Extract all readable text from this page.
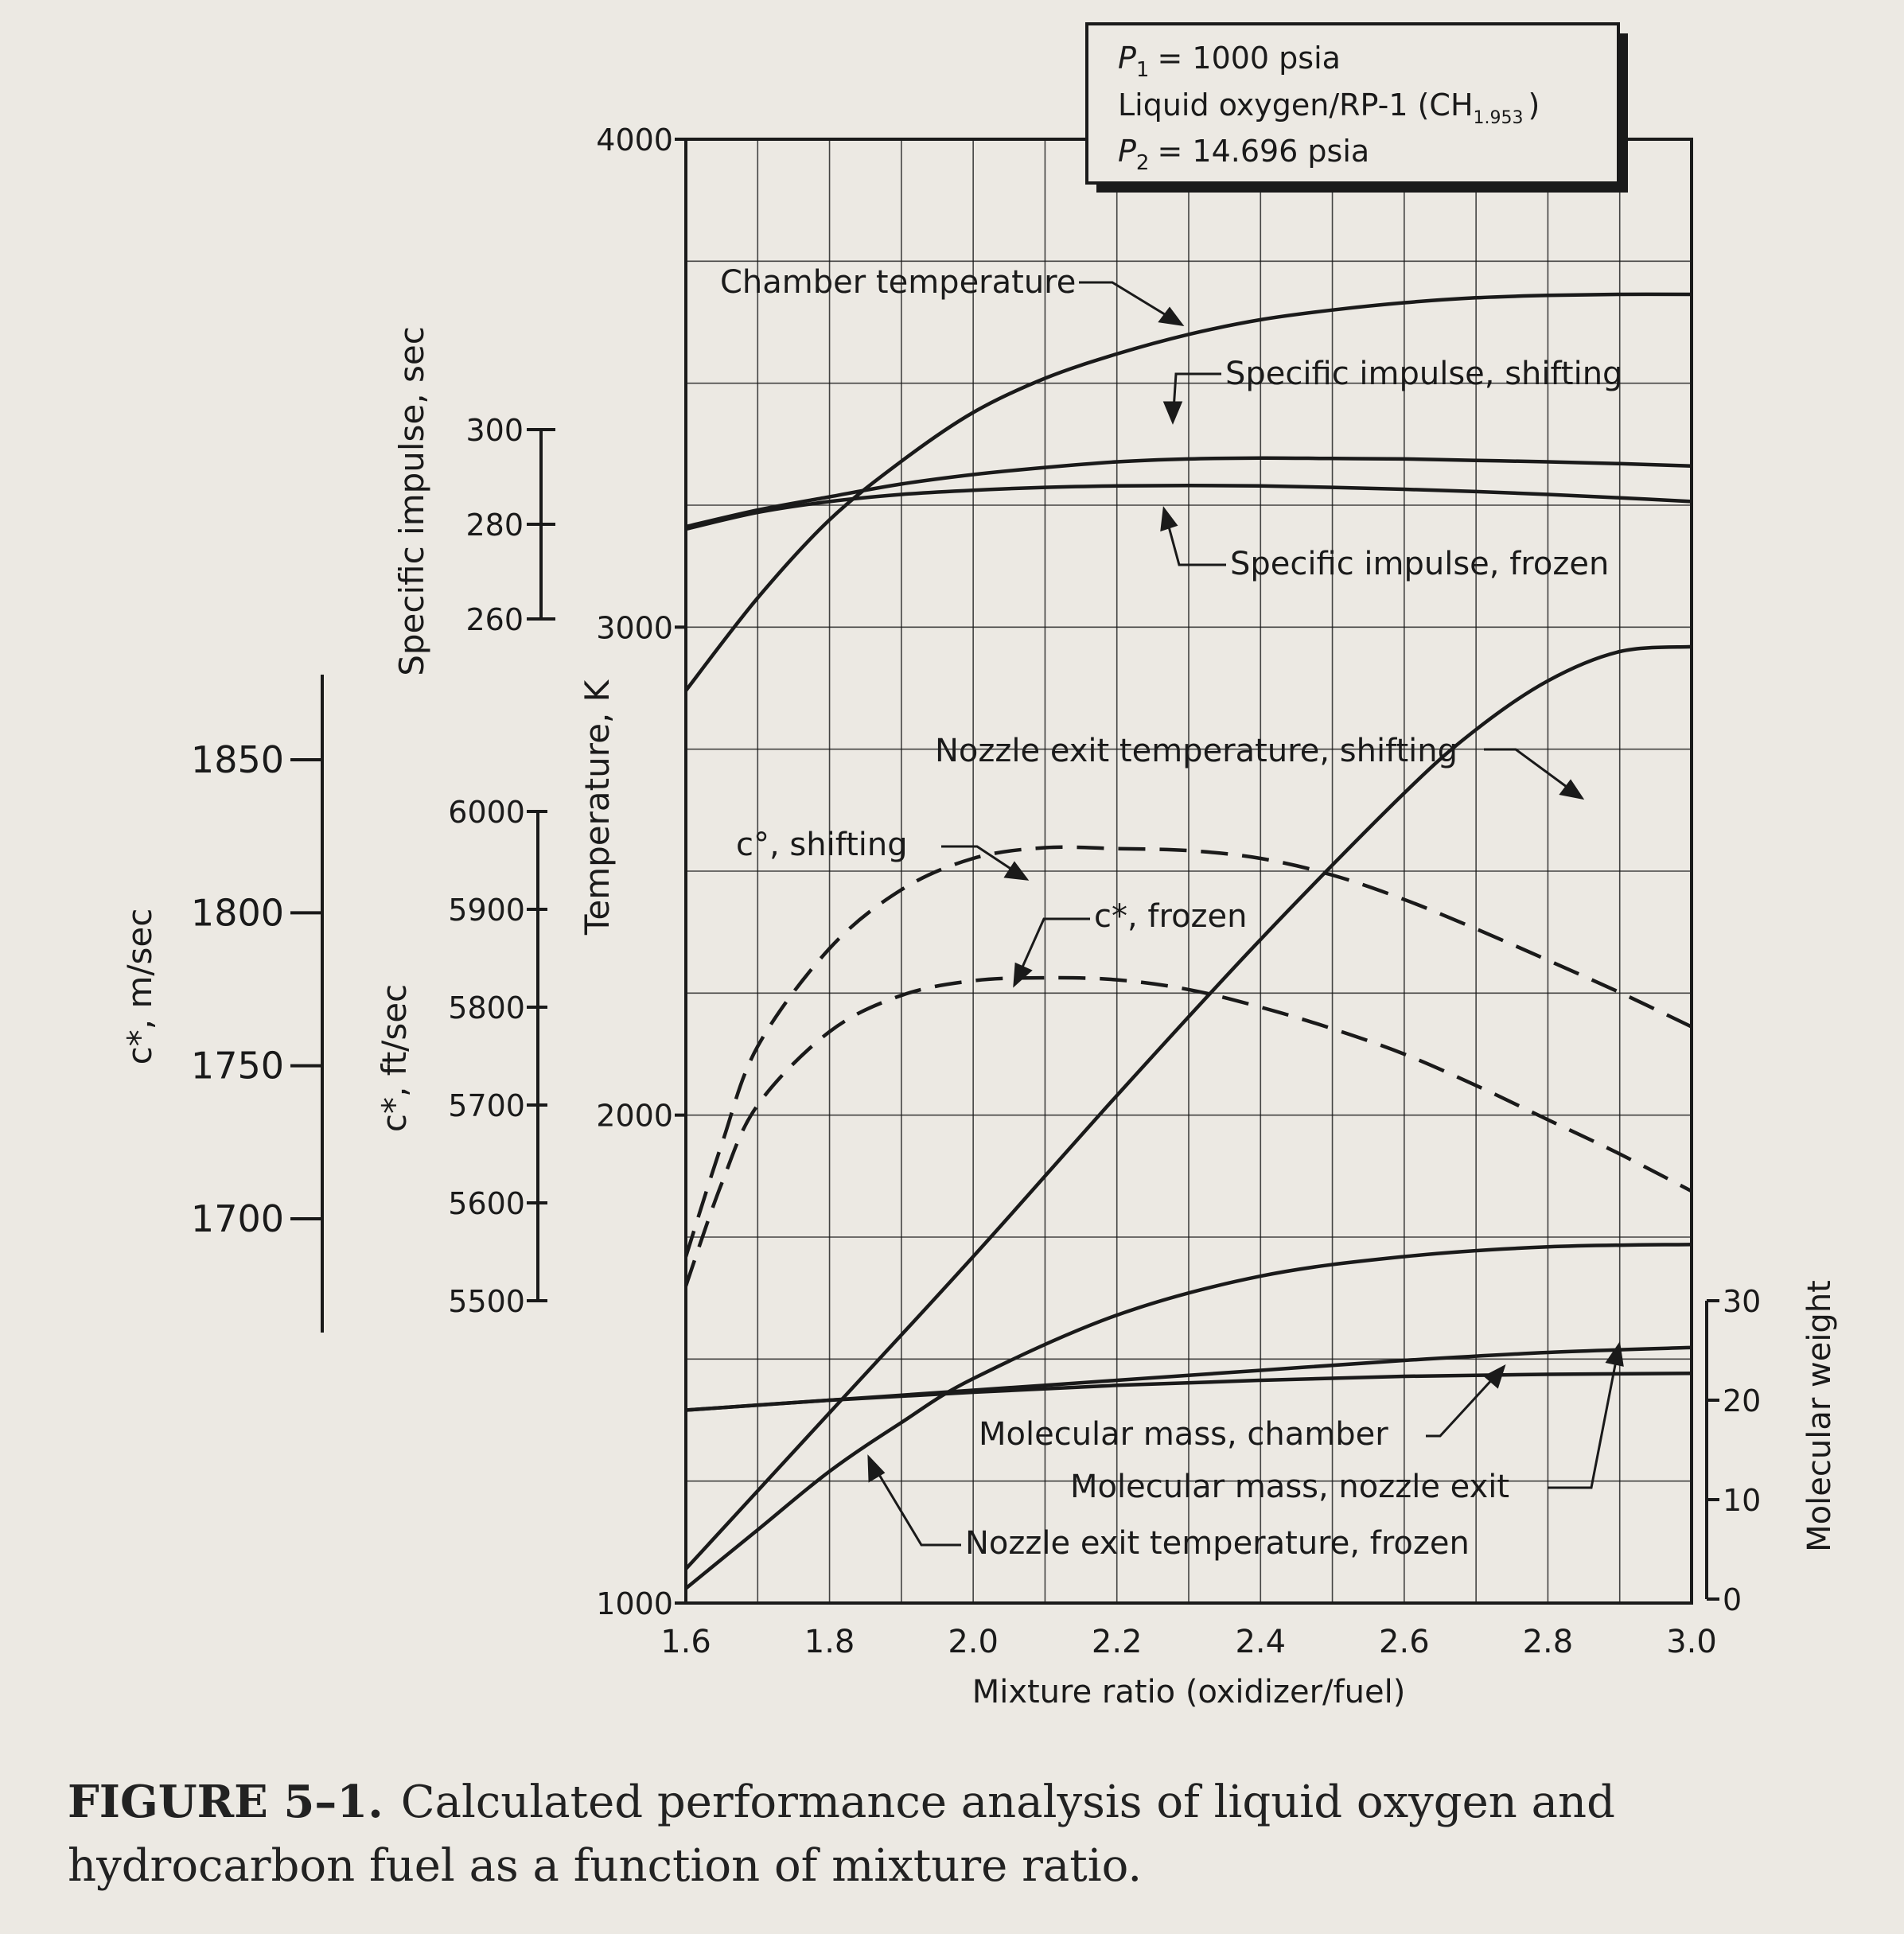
1.6	1.8	2.0	2.2	2.4	2.6	2.8	3.0
1000
2000
3000
4000
260
280
300
5500
5600
5700
5800
5900
6000
1700
1750
1800
1850
0
10
20
30
Mixture ratio (oxidizer/fuel)
Temperature, K
Specific impulse, sec
c*, ft/sec
c*, m/sec
Molecular weight
$P_1 = 1000$ psia
Liquid oxygen/RP-1 ($CH_{1.953}$ )
$P_2 = 14.696$ psia
Chamber temperature
Specific impulse, shifting
Specific impulse, frozen
Nozzle exit temperature, shifting
c°, shifting
c*, frozen
Molecular mass, chamber
Molecular mass, nozzle exit
Nozzle exit temperature, frozen
FIGURE 5–1. Calculated performance analysis of liquid oxygen and hydrocarbon fuel as a function of mixture ratio.
